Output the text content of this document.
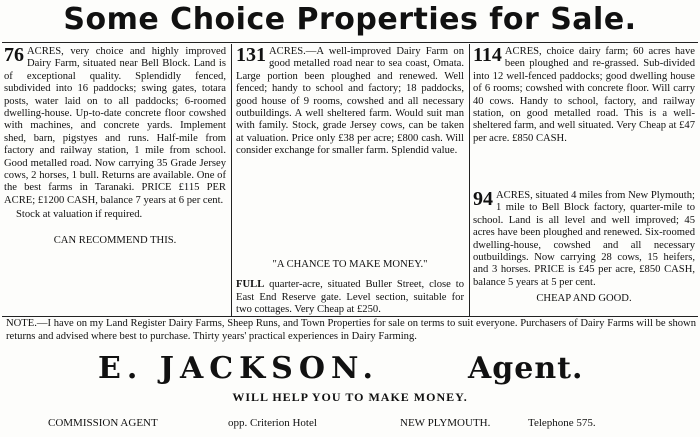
Some Choice Properties for Sale.

76 ACRES, very choice and highly improved Dairy Farm, situated near Bell Block. Land is of exceptional quality. Splendidly fenced, subdivided into 16 paddocks; swing gates, totara posts, water laid on to all paddocks; 6-roomed dwelling-house. Up-to-date concrete floor cowshed with machines, and concrete yards. Implement shed, barn, pigstyes and runs. Half-mile from factory and railway station, 1 mile from school. Good metalled road. Now carrying 35 Grade Jersey cows, 2 horses, 1 bull. Returns are available. One of the best farms in Taranaki. PRICE £115 PER ACRE; £1200 CASH, balance 7 years at 6 per cent.

Stock at valuation if required.

CAN RECOMMEND THIS.

131 ACRES.—A well-improved Dairy Farm on good metalled road near to sea coast, Omata. Large portion been ploughed and renewed. Well fenced; handy to school and factory; 18 paddocks, good house of 9 rooms, cowshed and all necessary outbuildings. A well sheltered farm. Would suit man with family. Stock, grade Jersey cows, can be taken at valuation. Price only £38 per acre; £800 cash. Will consider exchange for smaller farm. Splendid value.

"A CHANCE TO MAKE MONEY."

FULL quarter-acre, situated Buller Street, close to East End Reserve gate. Level section, suitable for two cottages. Very Cheap at £250.

114 ACRES, choice dairy farm; 60 acres have been ploughed and re-grassed. Sub-divided into 12 well-fenced paddocks; good dwelling house of 6 rooms; cowshed with concrete floor. Will carry 40 cows. Handy to school, factory, and railway station, on good metalled road. This is a well-sheltered farm, and well situated. Very Cheap at £47 per acre. £850 CASH.

94 ACRES, situated 4 miles from New Plymouth; 1 mile to Bell Block factory, quarter-mile to school. Land is all level and well improved; 45 acres have been ploughed and renewed. Six-roomed dwelling-house, cowshed and all necessary outbuildings. Now carrying 28 cows, 15 heifers, and 3 horses. PRICE is £45 per acre, £850 CASH, balance 5 years at 5 per cent.

CHEAP AND GOOD.

NOTE.—I have on my Land Register Dairy Farms, Sheep Runs, and Town Properties for sale on terms to suit everyone. Purchasers of Dairy Farms will be shown returns and advised where best to purchase. Thirty years' practical experiences in Dairy Farming.
E. JACKSON.	Agent.
WILL HELP YOU TO MAKE MONEY.
COMMISSION AGENT	opp. Criterion Hotel	NEW PLYMOUTH.	Telephone 575.
